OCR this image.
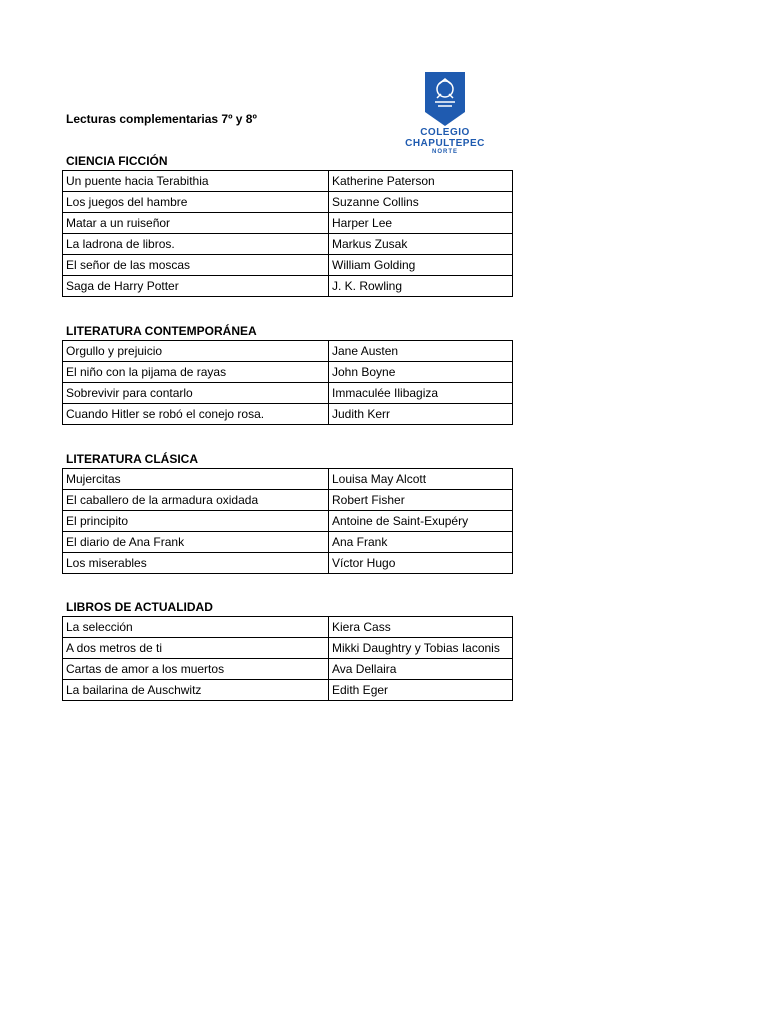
Lecturas complementarias 7º y 8º
COLEGIO
CHAPULTEPEC
NORTE
CIENCIA FICCIÓN
Un puente hacia Terabithia	Katherine Paterson
Los juegos del hambre	Suzanne Collins
Matar a un ruiseñor	Harper Lee
La ladrona de libros.	Markus Zusak
El señor de las moscas	William Golding
Saga de Harry Potter	J. K. Rowling
LITERATURA CONTEMPORÁNEA
Orgullo y prejuicio	Jane Austen
El niño con la pijama de rayas	John Boyne
Sobrevivir para contarlo	Immaculée Ilibagiza
Cuando Hitler se robó el conejo rosa.	Judith Kerr
LITERATURA CLÁSICA
Mujercitas	Louisa May Alcott
El caballero de la armadura oxidada	Robert Fisher
El principito	Antoine de Saint-Exupéry
El diario de Ana Frank	Ana Frank
Los miserables	Víctor Hugo
LIBROS DE ACTUALIDAD
La selección	Kiera Cass
A dos metros de ti	Mikki Daughtry y Tobias Iaconis
Cartas de amor a los muertos	Ava Dellaira
La bailarina de Auschwitz	Edith Eger
